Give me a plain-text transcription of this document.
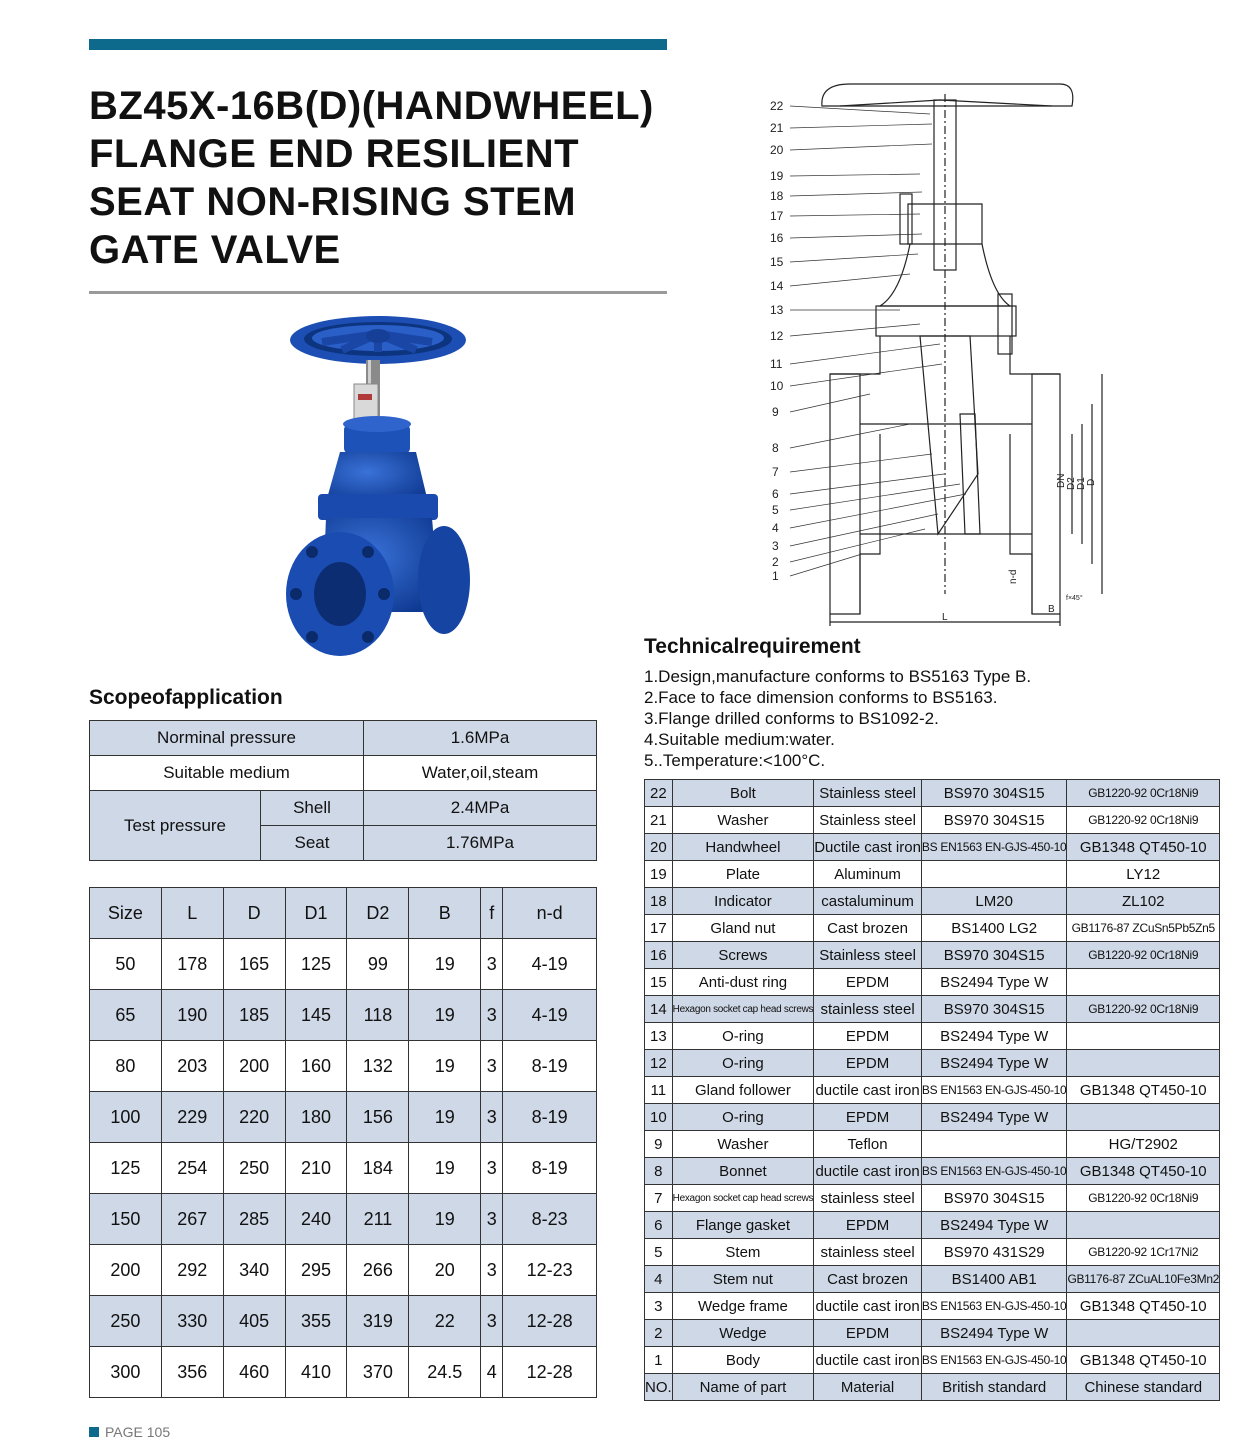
BZ45X-16B(D)(HANDWHEEL)
FLANGE END RESILIENT
SEAT NON-RISING STEM
GATE VALVE
22
21
20
19
18
17
16
15
14
13
12
11
10
9
8
7
6
5
4
3
2
1
DN D2 D1 D
n-d
f×45°
B
L
Technicalrequirement
1.Design,manufacture conforms to BS5163 Type B.
2.Face to face dimension conforms to BS5163.
3.Flange drilled conforms to BS1092-2.
4.Suitable medium:water.
5..Temperature:<100°C.
Scopeofapplication
Norminal pressure		1.6MPa
Suitable medium		Water,oil,steam
Test pressure	Shell	2.4MPa
	Seat	1.76MPa
Size	L	D	D1	D2	B	f	n-d
50	178	165	125	99	19	3	4-19
65	190	185	145	118	19	3	4-19
80	203	200	160	132	19	3	8-19
100	229	220	180	156	19	3	8-19
125	254	250	210	184	19	3	8-19
150	267	285	240	211	19	3	8-23
200	292	340	295	266	20	3	12-23
250	330	405	355	319	22	3	12-28
300	356	460	410	370	24.5	4	12-28
22	Bolt	Stainless steel	BS970 304S15	GB1220-92 0Cr18Ni9
21	Washer	Stainless steel	BS970 304S15	GB1220-92 0Cr18Ni9
20	Handwheel	Ductile cast iron	BS EN1563 EN-GJS-450-10	GB1348 QT450-10
19	Plate	Aluminum		LY12
18	Indicator	castaluminum	LM20	ZL102
17	Gland nut	Cast brozen	BS1400 LG2	GB1176-87 ZCuSn5Pb5Zn5
16	Screws	Stainless steel	BS970 304S15	GB1220-92 0Cr18Ni9
15	Anti-dust ring	EPDM	BS2494 Type W	
14	Hexagon socket cap head screws	stainless steel	BS970 304S15	GB1220-92 0Cr18Ni9
13	O-ring	EPDM	BS2494 Type W	
12	O-ring	EPDM	BS2494 Type W	
11	Gland follower	ductile cast iron	BS EN1563 EN-GJS-450-10	GB1348 QT450-10
10	O-ring	EPDM	BS2494 Type W	
9	Washer	Teflon		HG/T2902
8	Bonnet	ductile cast iron	BS EN1563 EN-GJS-450-10	GB1348 QT450-10
7	Hexagon socket cap head screws	stainless steel	BS970 304S15	GB1220-92 0Cr18Ni9
6	Flange gasket	EPDM	BS2494 Type W	
5	Stem	stainless steel	BS970 431S29	GB1220-92 1Cr17Ni2
4	Stem nut	Cast brozen	BS1400 AB1	GB1176-87 ZCuAL10Fe3Mn2
3	Wedge frame	ductile cast iron	BS EN1563 EN-GJS-450-10	GB1348 QT450-10
2	Wedge	EPDM	BS2494 Type W	
1	Body	ductile cast iron	BS EN1563 EN-GJS-450-10	GB1348 QT450-10
NO.	Name of part	Material	British standard	Chinese standard
PAGE 105
